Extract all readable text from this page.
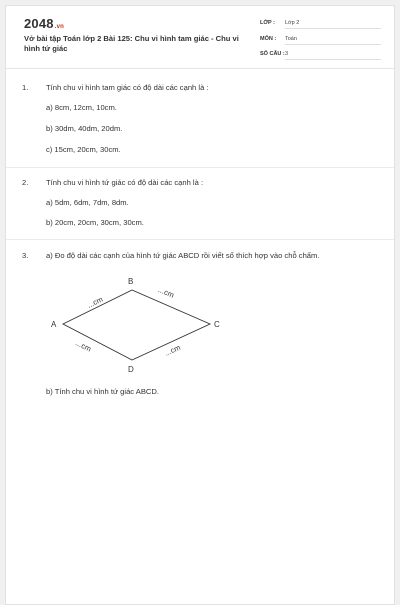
2048.vn
Vở bài tập Toán lớp 2 Bài 125: Chu vi hình tam giác - Chu vi hình tứ giác
LỚP : Lớp 2
MÔN : Toán
SỐ CÂU : 3
1. Tính chu vi hình tam giác có độ dài các cạnh là :
a) 8cm, 12cm, 10cm.
b) 30dm, 40dm, 20dm.
c) 15cm, 20cm, 30cm.
2. Tính chu vi hình tứ giác có độ dài các cạnh là :
a) 5dm, 6dm, 7dm, 8dm.
b) 20cm, 20cm, 30cm, 30cm.
3. a) Đo độ dài các cạnh của hình tứ giác ABCD rồi viết số thích hợp vào chỗ chấm.
A
B
C
D
...cm
...cm
...cm	...cm
b) Tính chu vi hình tứ giác ABCD.
